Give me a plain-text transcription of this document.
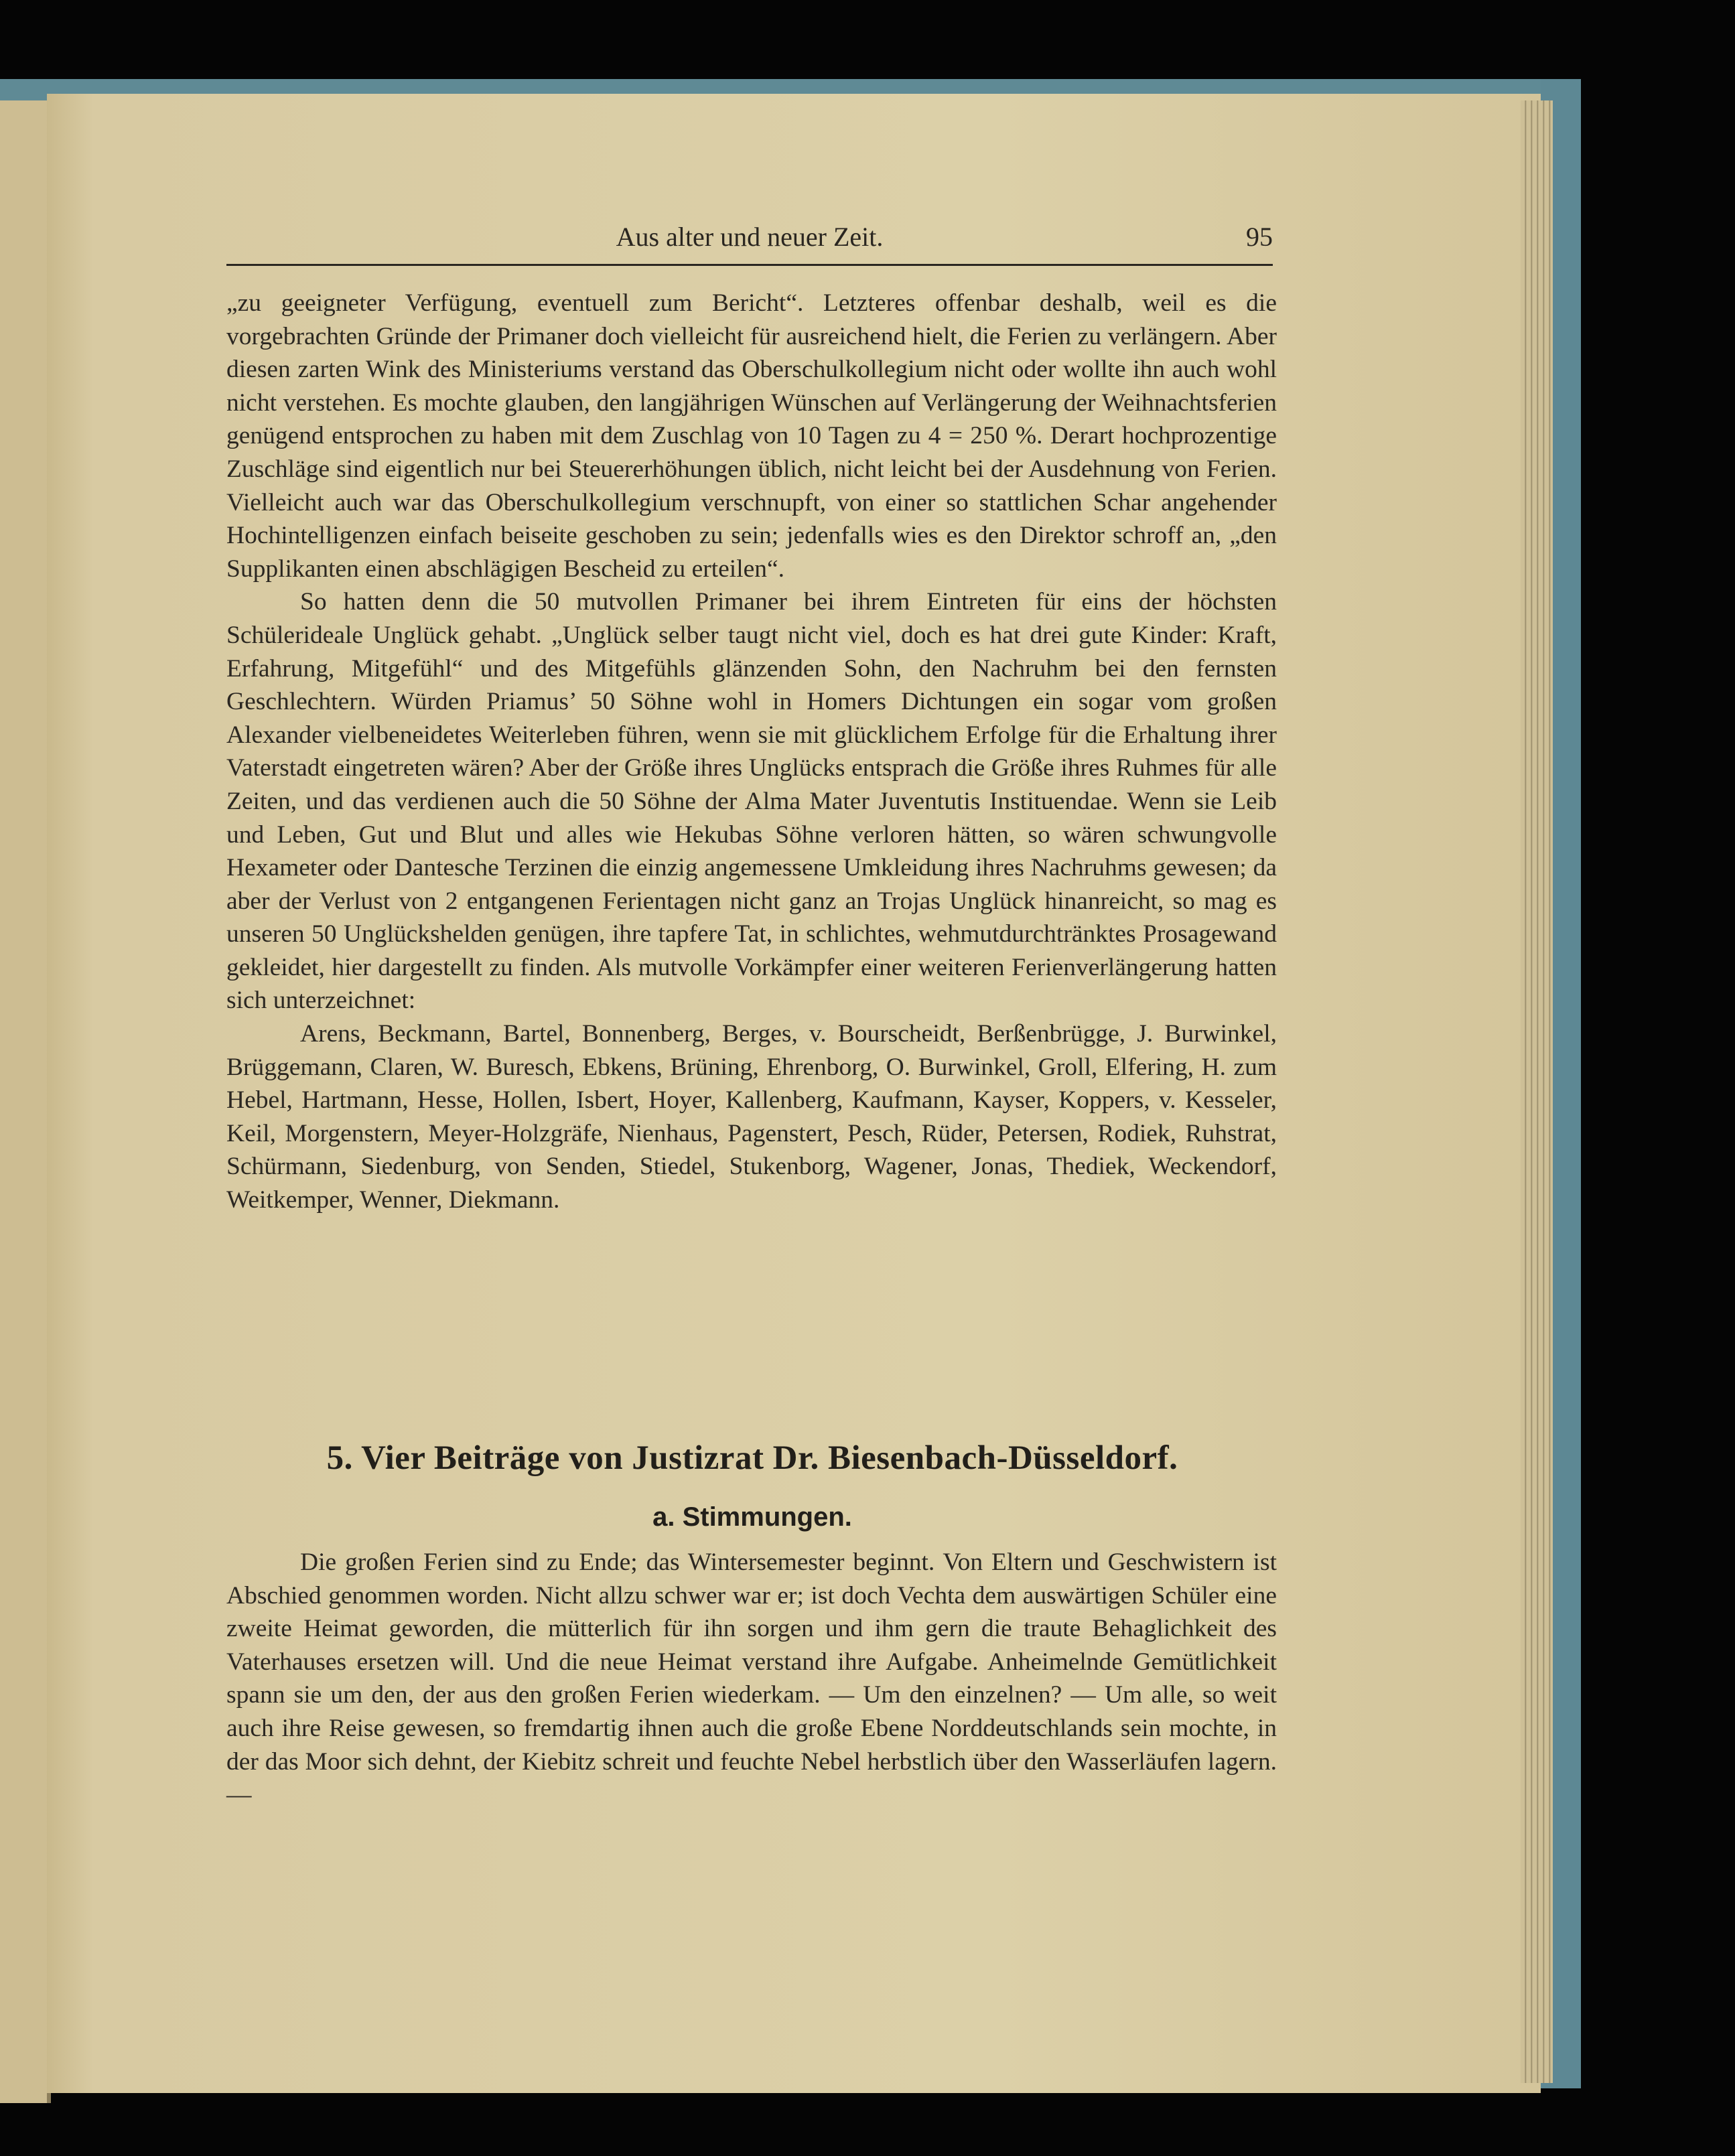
Aus alter und neuer Zeit.	95

„zu geeigneter Verfügung, eventuell zum Bericht“. Letzteres offenbar deshalb, weil es die vorgebrachten Gründe der Primaner doch vielleicht für ausreichend hielt, die Ferien zu verlängern. Aber diesen zarten Wink des Ministeriums verstand das Oberschulkollegium nicht oder wollte ihn auch wohl nicht verstehen. Es mochte glauben, den langjährigen Wünschen auf Verlängerung der Weihnachtsferien genügend entsprochen zu haben mit dem Zuschlag von 10 Tagen zu 4 = 250 %. Derart hochprozentige Zuschläge sind eigentlich nur bei Steuererhöhungen üblich, nicht leicht bei der Ausdehnung von Ferien. Vielleicht auch war das Oberschulkollegium verschnupft, von einer so stattlichen Schar angehender Hochintelligenzen einfach beiseite geschoben zu sein; jedenfalls wies es den Direktor schroff an, „den Supplikanten einen abschlägigen Bescheid zu erteilen“.

So hatten denn die 50 mutvollen Primaner bei ihrem Eintreten für eins der höchsten Schülerideale Unglück gehabt. „Unglück selber taugt nicht viel, doch es hat drei gute Kinder: Kraft, Erfahrung, Mitgefühl“ und des Mitgefühls glänzenden Sohn, den Nachruhm bei den fernsten Geschlechtern. Würden Priamus’ 50 Söhne wohl in Homers Dichtungen ein sogar vom großen Alexander vielbeneidetes Weiterleben führen, wenn sie mit glücklichem Erfolge für die Erhaltung ihrer Vaterstadt eingetreten wären? Aber der Größe ihres Unglücks entsprach die Größe ihres Ruhmes für alle Zeiten, und das verdienen auch die 50 Söhne der Alma Mater Juventutis Instituendae. Wenn sie Leib und Leben, Gut und Blut und alles wie Hekubas Söhne verloren hätten, so wären schwungvolle Hexameter oder Dantesche Terzinen die einzig angemessene Umkleidung ihres Nachruhms gewesen; da aber der Verlust von 2 entgangenen Ferientagen nicht ganz an Trojas Unglück hinanreicht, so mag es unseren 50 Unglückshelden genügen, ihre tapfere Tat, in schlichtes, wehmutdurchtränktes Prosagewand gekleidet, hier dargestellt zu finden. Als mutvolle Vorkämpfer einer weiteren Ferienverlängerung hatten sich unterzeichnet:

Arens, Beckmann, Bartel, Bonnenberg, Berges, v. Bourscheidt, Berßenbrügge, J. Burwinkel, Brüggemann, Claren, W. Buresch, Ebkens, Brüning, Ehrenborg, O. Burwinkel, Groll, Elfering, H. zum Hebel, Hartmann, Hesse, Hollen, Isbert, Hoyer, Kallenberg, Kaufmann, Kayser, Koppers, v. Kesseler, Keil, Morgenstern, Meyer-Holzgräfe, Nienhaus, Pagenstert, Pesch, Rüder, Petersen, Rodiek, Ruhstrat, Schürmann, Siedenburg, von Senden, Stiedel, Stukenborg, Wagener, Jonas, Thediek, Weckendorf, Weitkemper, Wenner, Diekmann.

5. Vier Beiträge von Justizrat Dr. Biesenbach-Düsseldorf.
a. Stimmungen.

Die großen Ferien sind zu Ende; das Wintersemester beginnt. Von Eltern und Geschwistern ist Abschied genommen worden. Nicht allzu schwer war er; ist doch Vechta dem auswärtigen Schüler eine zweite Heimat geworden, die mütterlich für ihn sorgen und ihm gern die traute Behaglichkeit des Vaterhauses ersetzen will. Und die neue Heimat verstand ihre Aufgabe. Anheimelnde Gemütlichkeit spann sie um den, der aus den großen Ferien wiederkam. — Um den einzelnen? — Um alle, so weit auch ihre Reise gewesen, so fremdartig ihnen auch die große Ebene Norddeutschlands sein mochte, in der das Moor sich dehnt, der Kiebitz schreit und feuchte Nebel herbstlich über den Wasserläufen lagern. —
